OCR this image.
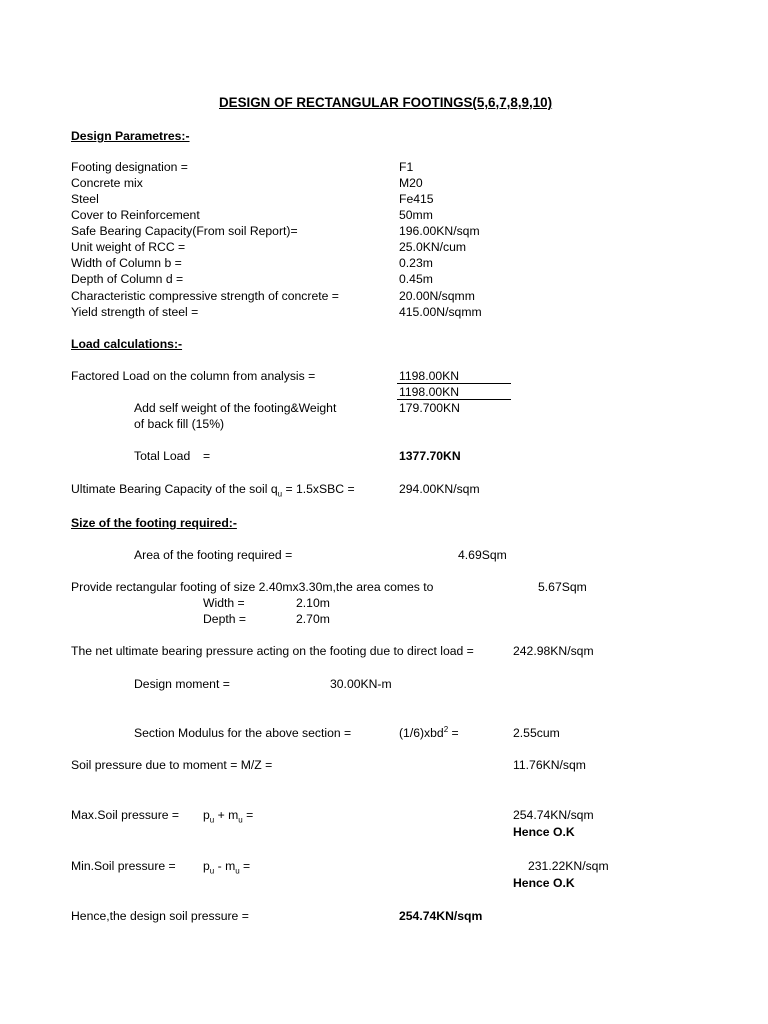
DESIGN OF RECTANGULAR FOOTINGS(5,6,7,8,9,10)
Design Parametres:-
Footing designation =	F1
Concrete mix	M20
Steel	Fe415
Cover to Reinforcement	50mm
Safe Bearing Capacity(From soil Report)=	196.00KN/sqm
Unit weight of RCC =	25.0KN/cum
Width of Column b =	0.23m
Depth of Column d =	0.45m
Characteristic compressive strength of concrete =	20.00N/sqmm
Yield strength of steel =	415.00N/sqmm
Load calculations:-
Factored Load on the column from analysis =	1198.00KN
1198.00KN
Add self weight of the footing&Weight	179.700KN
of back fill (15%)
Total Load =	1377.70KN
Ultimate Bearing Capacity of the soil $q_u$ = 1.5xSBC =	294.00KN/sqm
Size of the footing required:-
Area of the footing required =	4.69Sqm
Provide rectangular footing of size 2.40mx3.30m,the area comes to	5.67Sqm
Width =	2.10m
Depth =	2.70m
The net ultimate bearing pressure acting on the footing due to direct load =	242.98KN/sqm
Design moment =	30.00KN-m
Section Modulus for the above section =	(1/6)xbd$^2$ =	2.55cum
Soil pressure due to moment = M/Z =	11.76KN/sqm
Max.Soil pressure = $p_u + m_u$ =	254.74KN/sqm
Hence O.K
Min.Soil pressure = $p_u - m_u$ =	231.22KN/sqm
Hence O.K
Hence,the design soil pressure =	254.74KN/sqm
